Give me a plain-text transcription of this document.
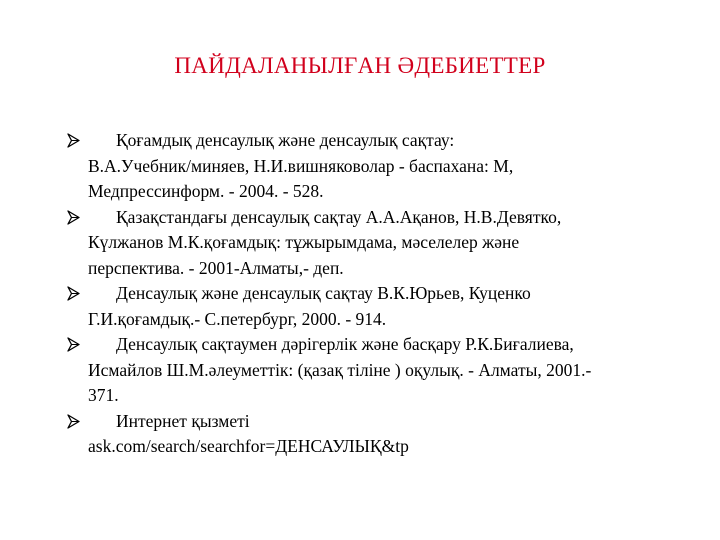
ПАЙДАЛАНЫЛҒАН ӘДЕБИЕТТЕР
Қоғамдық денсаулық және денсаулық сақтау:
В.А.Учебник/миняев, Н.И.вишняковолар - баспахана: М,
Медпрессинформ. - 2004. - 528.
Қазақстандағы денсаулық сақтау А.А.Ақанов, Н.В.Девятко,
Күлжанов М.К.қоғамдық: тұжырымдама, мәселелер және
перспектива. - 2001-Алматы,- деп.
Денсаулық және денсаулық сақтау В.К.Юрьев, Куценко
Г.И.қоғамдық.- С.петербург, 2000. - 914.
Денсаулық сақтаумен дәрігерлік және басқару Р.К.Биғалиева,
Исмайлов Ш.М.әлеуметтік: (қазақ тіліне ) оқулық. - Алматы, 2001.-
371.
Интернет қызметі
ask.com/search/searchfor=ДЕНСАУЛЫҚ&tp
